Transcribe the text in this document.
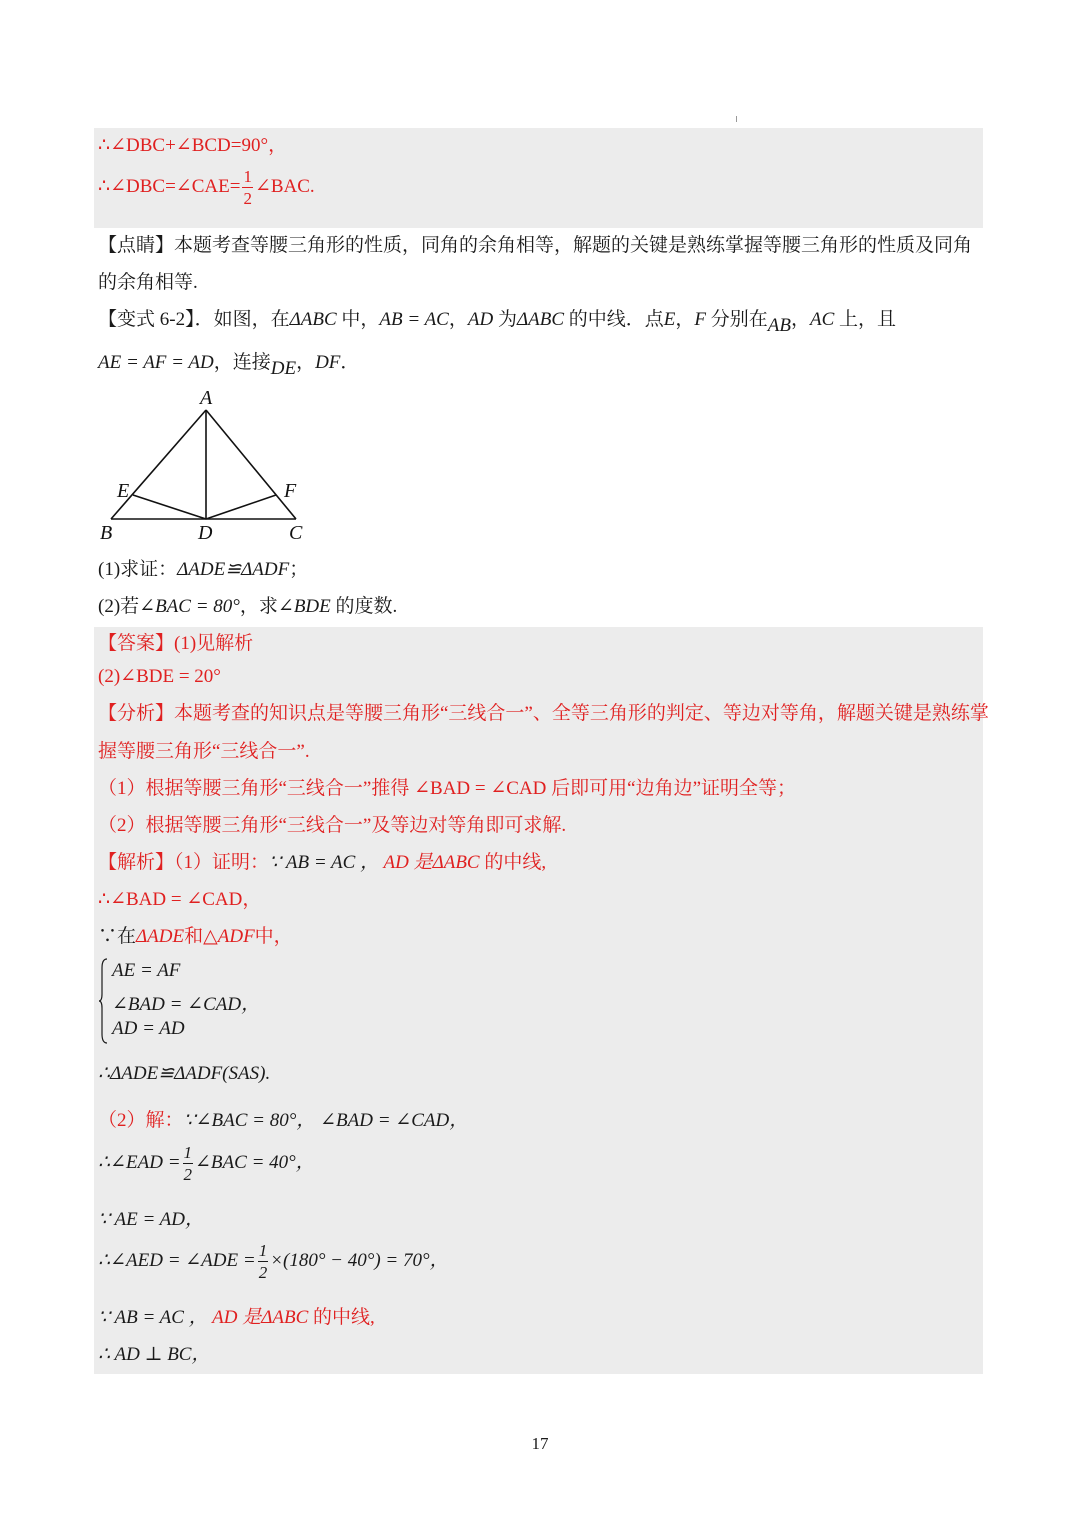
∴∠DBC+∠BCD=90°，
∴∠DBC=∠CAE= $\frac{1}{2}$ ∠BAC.
【点睛】本题考查等腰三角形的性质，同角的余角相等，解题的关键是熟练掌握等腰三角形的性质及同角
的余角相等.
【变式 6-2】．如图，在ΔABC 中，AB = AC，AD 为ΔABC 的中线．点E，F 分别在AB，AC 上，且
AE = AF = AD，连接DE，DF．
A
B	C
D
E	F
(1)求证：ΔADE≌ΔADF；
(2)若∠BAC = 80°，求∠BDE 的度数.
【答案】(1)见解析
(2)∠BDE = 20°
【分析】本题考查的知识点是等腰三角形“三线合一”、全等三角形的判定、等边对等角，解题关键是熟练掌
握等腰三角形“三线合一”.
（1）根据等腰三角形“三线合一”推得 ∠BAD = ∠CAD 后即可用“边角边”证明全等；
（2）根据等腰三角形“三线合一”及等边对等角即可求解.
【解析】（1）证明：∵ AB = AC ， AD 是ΔABC 的中线,
∴∠BAD = ∠CAD，
∵在ΔADE和△ADF中，
AE = AF
∠BAD = ∠CAD，
AD = AD
∴ΔADE≌ΔADF(SAS).
（2）解：∵∠BAC = 80°， ∠BAD = ∠CAD，
∴∠EAD = $\frac{1}{2}$ ∠BAC = 40°，
∵ AE = AD，
∴∠AED = ∠ADE = $\frac{1}{2} \times(180^\circ - 40^\circ) = 70^\circ$，
∵ AB = AC ， AD 是ΔABC 的中线,
∴ AD ⊥ BC，
17
